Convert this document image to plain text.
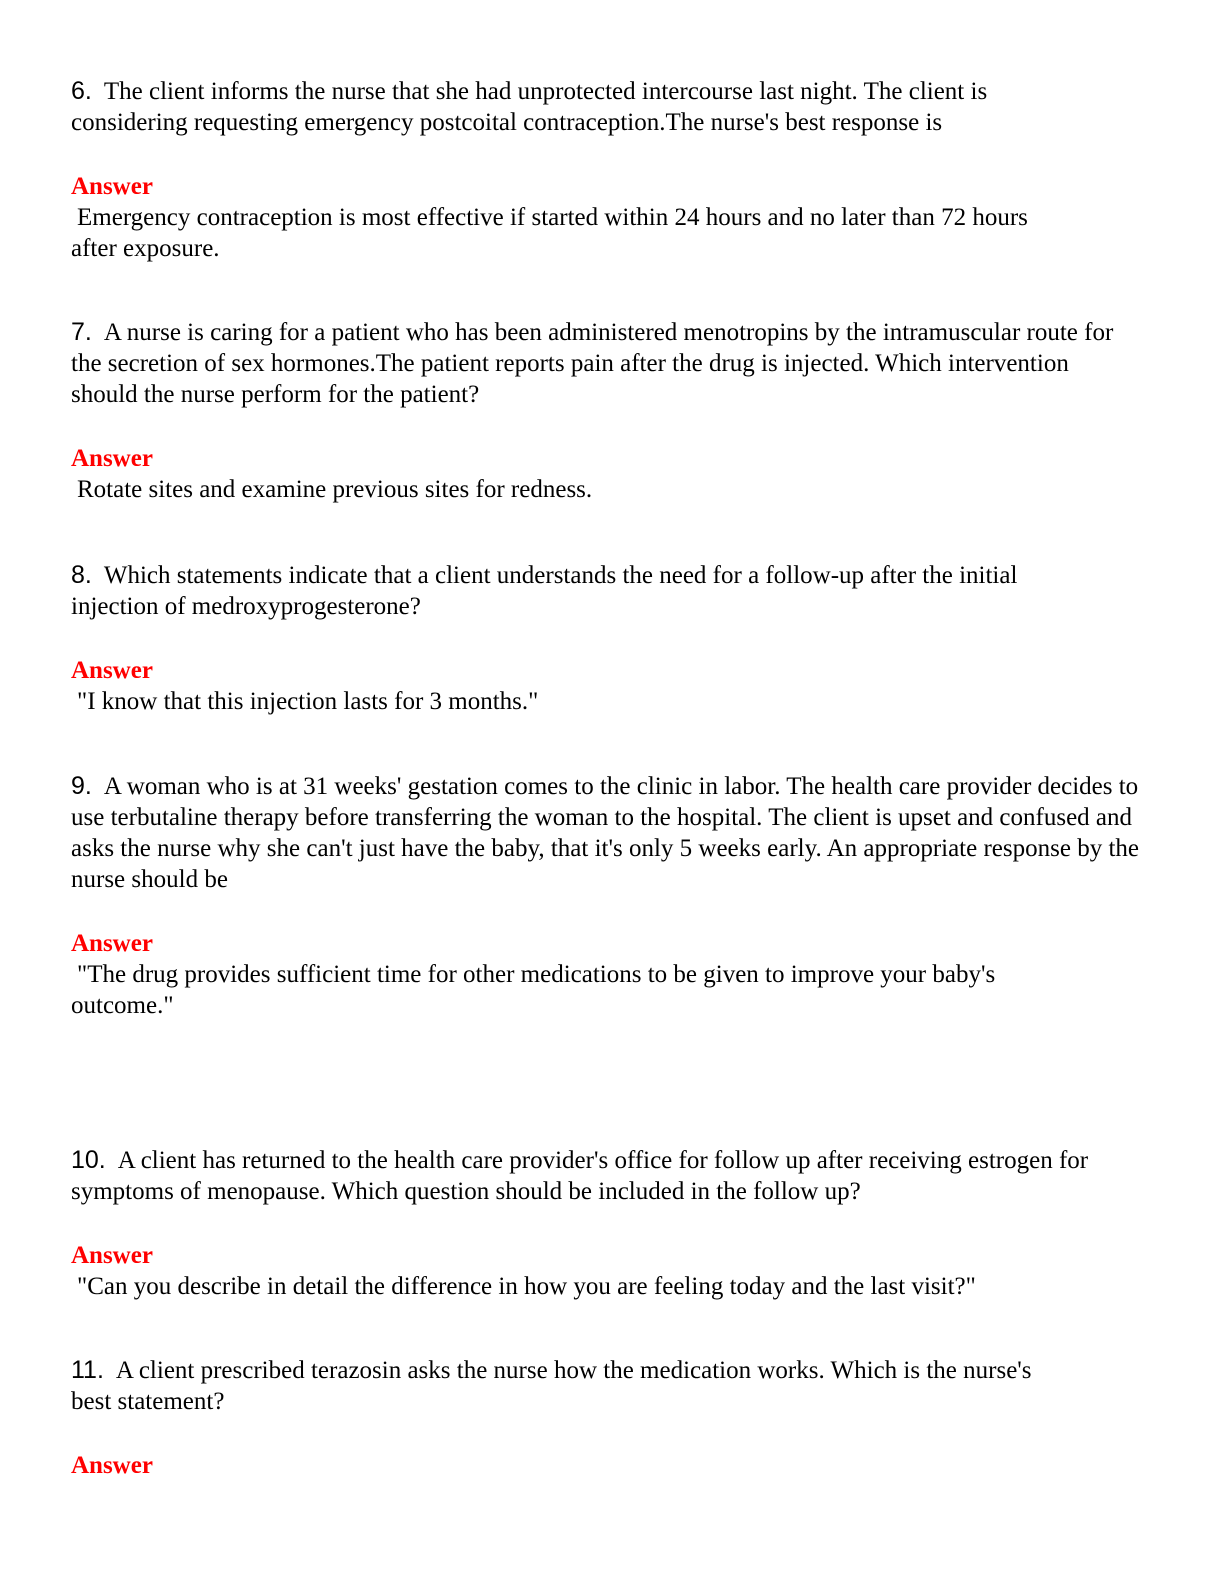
6. The client informs the nurse that she had unprotected intercourse last night. The client is considering requesting emergency postcoital contraception.The nurse's best response is

Answer

Emergency contraception is most effective if started within 24 hours and no later than 72 hours
after exposure.

7. A nurse is caring for a patient who has been administered menotropins by the intramuscular route for the secretion of sex hormones.The patient reports pain after the drug is injected. Which intervention should the nurse perform for the patient?

Answer

Rotate sites and examine previous sites for redness.

8. Which statements indicate that a client understands the need for a follow-up after the initial injection of medroxyprogesterone?

Answer

"I know that this injection lasts for 3 months."

9. A woman who is at 31 weeks' gestation comes to the clinic in labor. The health care provider decides to use terbutaline therapy before transferring the woman to the hospital. The client is upset and confused and asks the nurse why she can't just have the baby, that it's only 5 weeks early. An appropriate response by the nurse should be

Answer

"The drug provides sufficient time for other medications to be given to improve your baby's
outcome."

10. A client has returned to the health care provider's office for follow up after receiving estrogen for symptoms of menopause. Which question should be included in the follow up?

Answer

"Can you describe in detail the difference in how you are feeling today and the last visit?"

11. A client prescribed terazosin asks the nurse how the medication works. Which is the nurse's best statement?

Answer
